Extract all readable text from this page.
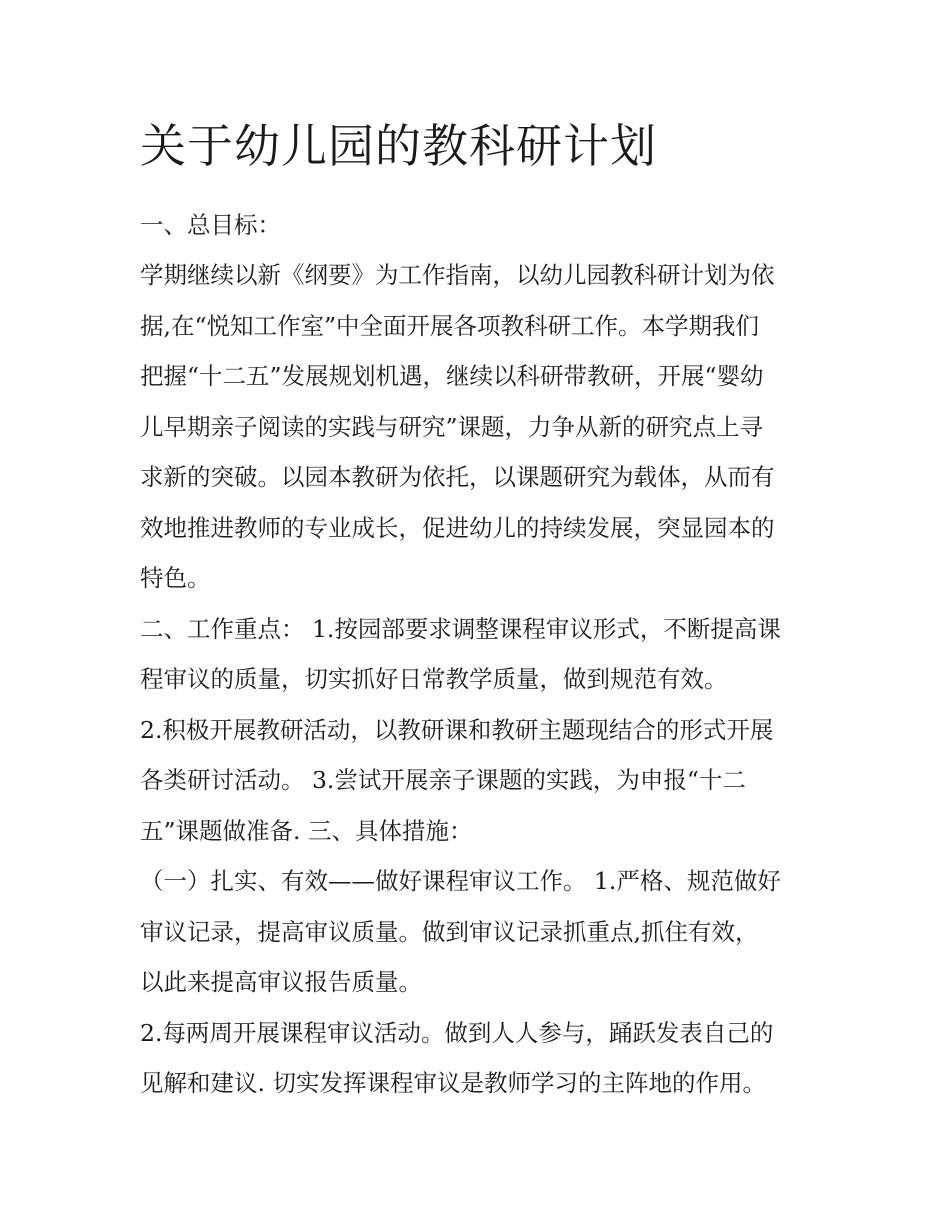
关于幼儿园的教科研计划

一、总目标：

学期继续以新《纲要》为工作指南，以幼儿园教科研计划为依

据,在“悦知工作室”中全面开展各项教科研工作。本学期我们

把握“十二五”发展规划机遇，继续以科研带教研，开展“婴幼

儿早期亲子阅读的实践与研究”课题，力争从新的研究点上寻

求新的突破。以园本教研为依托，以课题研究为载体，从而有

效地推进教师的专业成长，促进幼儿的持续发展，突显园本的

特色。

二、工作重点： 1.按园部要求调整课程审议形式，不断提高课

程审议的质量，切实抓好日常教学质量，做到规范有效。

2.积极开展教研活动，以教研课和教研主题现结合的形式开展

各类研讨活动。 3.尝试开展亲子课题的实践，为申报“十二

五”课题做准备. 三、具体措施：

（一）扎实、有效——做好课程审议工作。 1.严格、规范做好

审议记录，提高审议质量。做到审议记录抓重点,抓住有效，

以此来提高审议报告质量。

2.每两周开展课程审议活动。做到人人参与，踊跃发表自己的

见解和建议. 切实发挥课程审议是教师学习的主阵地的作用。
